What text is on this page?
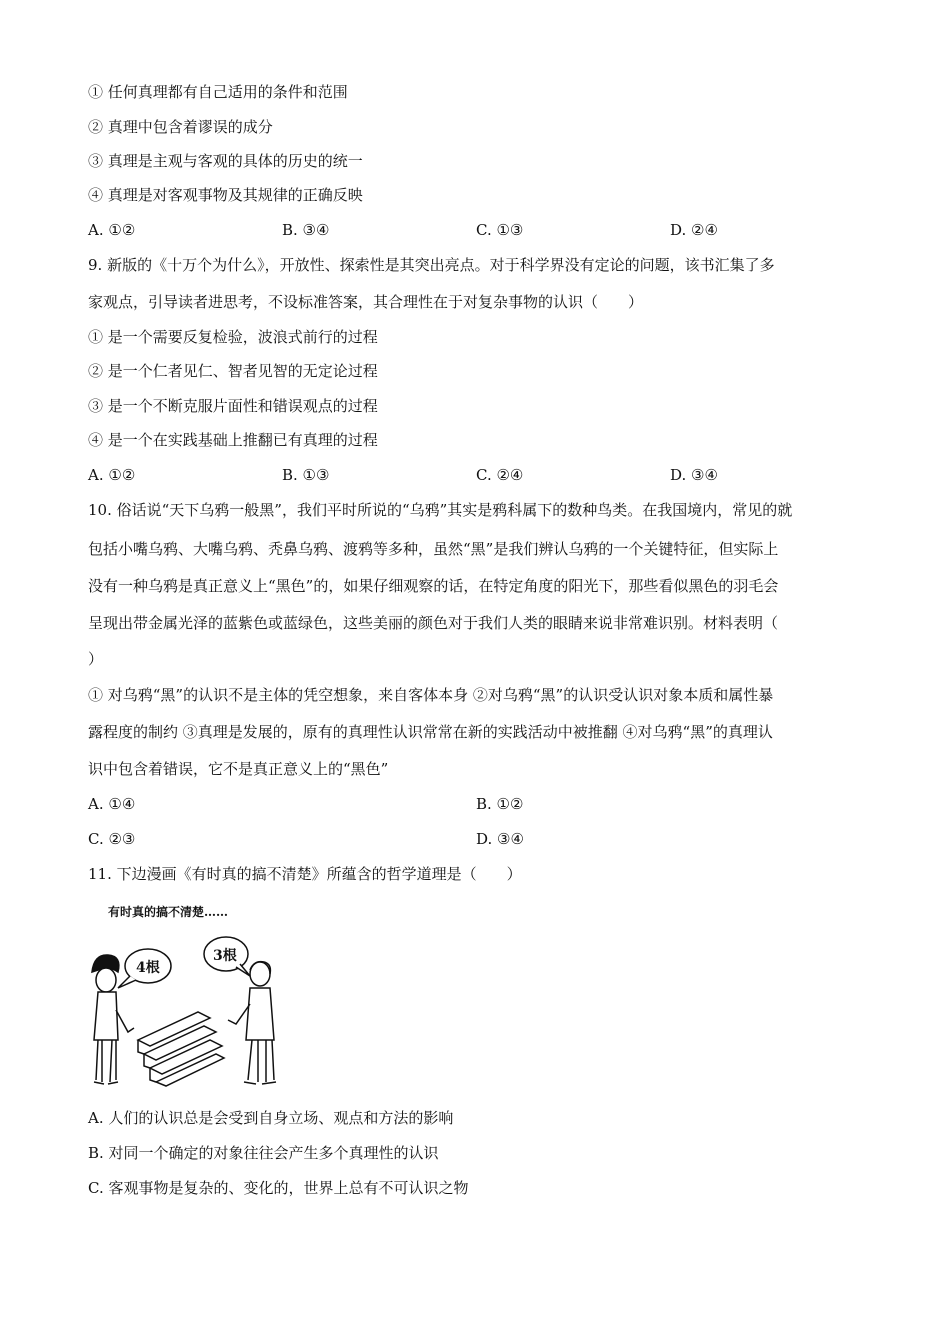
① 任何真理都有自己适用的条件和范围
② 真理中包含着谬误的成分
③ 真理是主观与客观的具体的历史的统一
④ 真理是对客观事物及其规律的正确反映
A. ①②	B. ③④	C. ①③	D. ②④
9. 新版的《十万个为什么》，开放性、探索性是其突出亮点。对于科学界没有定论的问题，该书汇集了多
家观点，引导读者进思考，不设标准答案，其合理性在于对复杂事物的认识（　　）
① 是一个需要反复检验，波浪式前行的过程
② 是一个仁者见仁、智者见智的无定论过程
③ 是一个不断克服片面性和错误观点的过程
④ 是一个在实践基础上推翻已有真理的过程
A. ①②	B. ①③	C. ②④	D. ③④
10. 俗话说“天下乌鸦一般黑”，我们平时所说的“乌鸦”其实是鸦科属下的数种鸟类。在我国境内，常见的就
包括小嘴乌鸦、大嘴乌鸦、秃鼻乌鸦、渡鸦等多种，虽然“黑”是我们辨认乌鸦的一个关键特征，但实际上
没有一种乌鸦是真正意义上“黑色”的，如果仔细观察的话，在特定角度的阳光下，那些看似黑色的羽毛会
呈现出带金属光泽的蓝紫色或蓝绿色，这些美丽的颜色对于我们人类的眼睛来说非常难识别。材料表明（
）
① 对乌鸦“黑”的认识不是主体的凭空想象，来自客体本身 ②对乌鸦“黑”的认识受认识对象本质和属性暴
露程度的制约 ③真理是发展的，原有的真理性认识常常在新的实践活动中被推翻 ④对乌鸦“黑”的真理认
识中包含着错误，它不是真正意义上的“黑色”
A. ①④	B. ①②
C. ②③	D. ③④
11. 下边漫画《有时真的搞不清楚》所蕴含的哲学道理是（　　）
有时真的搞不清楚……
4根
3根
A. 人们的认识总是会受到自身立场、观点和方法的影响
B. 对同一个确定的对象往往会产生多个真理性的认识
C. 客观事物是复杂的、变化的，世界上总有不可认识之物
